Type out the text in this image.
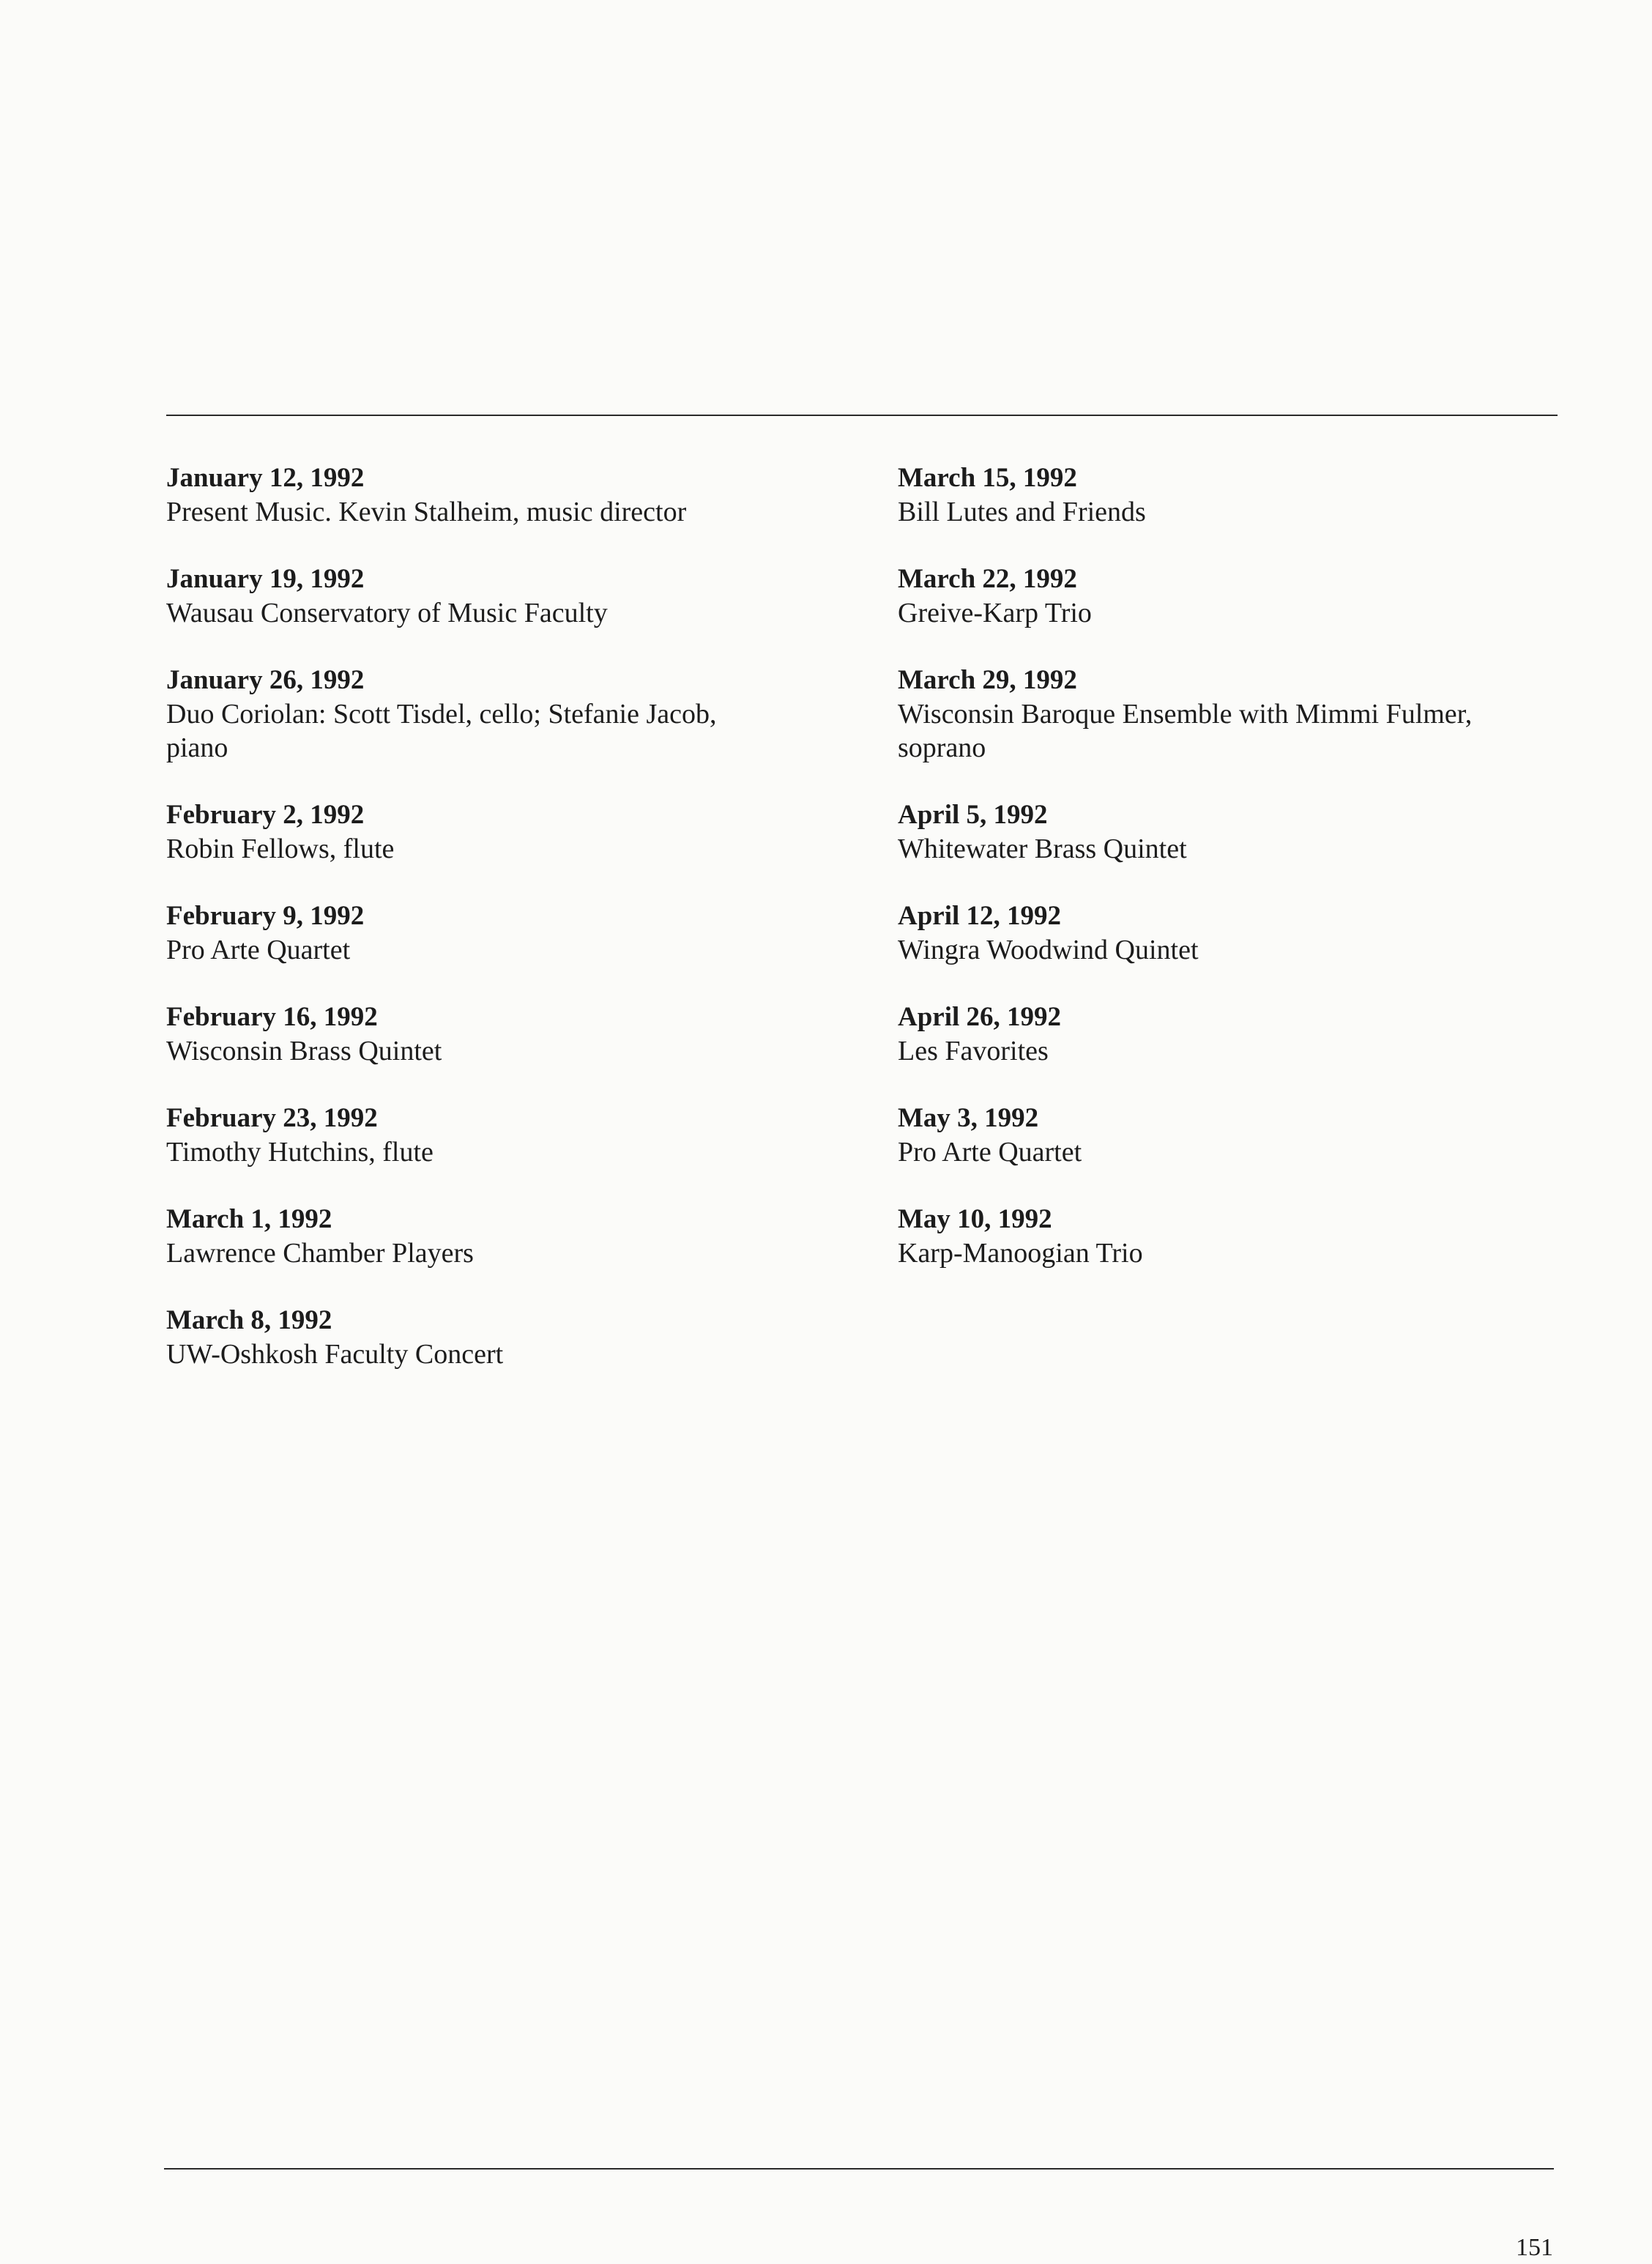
January 12, 1992
Present Music. Kevin Stalheim, music director
January 19, 1992
Wausau Conservatory of Music Faculty
January 26, 1992
Duo Coriolan: Scott Tisdel, cello; Stefanie Jacob,
piano
February 2, 1992
Robin Fellows, flute
February 9, 1992
Pro Arte Quartet
February 16, 1992
Wisconsin Brass Quintet
February 23, 1992
Timothy Hutchins, flute
March 1, 1992
Lawrence Chamber Players
March 8, 1992
UW-Oshkosh Faculty Concert
March 15, 1992
Bill Lutes and Friends
March 22, 1992
Greive-Karp Trio
March 29, 1992
Wisconsin Baroque Ensemble with Mimmi Fulmer,
soprano
April 5, 1992
Whitewater Brass Quintet
April 12, 1992
Wingra Woodwind Quintet
April 26, 1992
Les Favorites
May 3, 1992
Pro Arte Quartet
May 10, 1992
Karp-Manoogian Trio
151
